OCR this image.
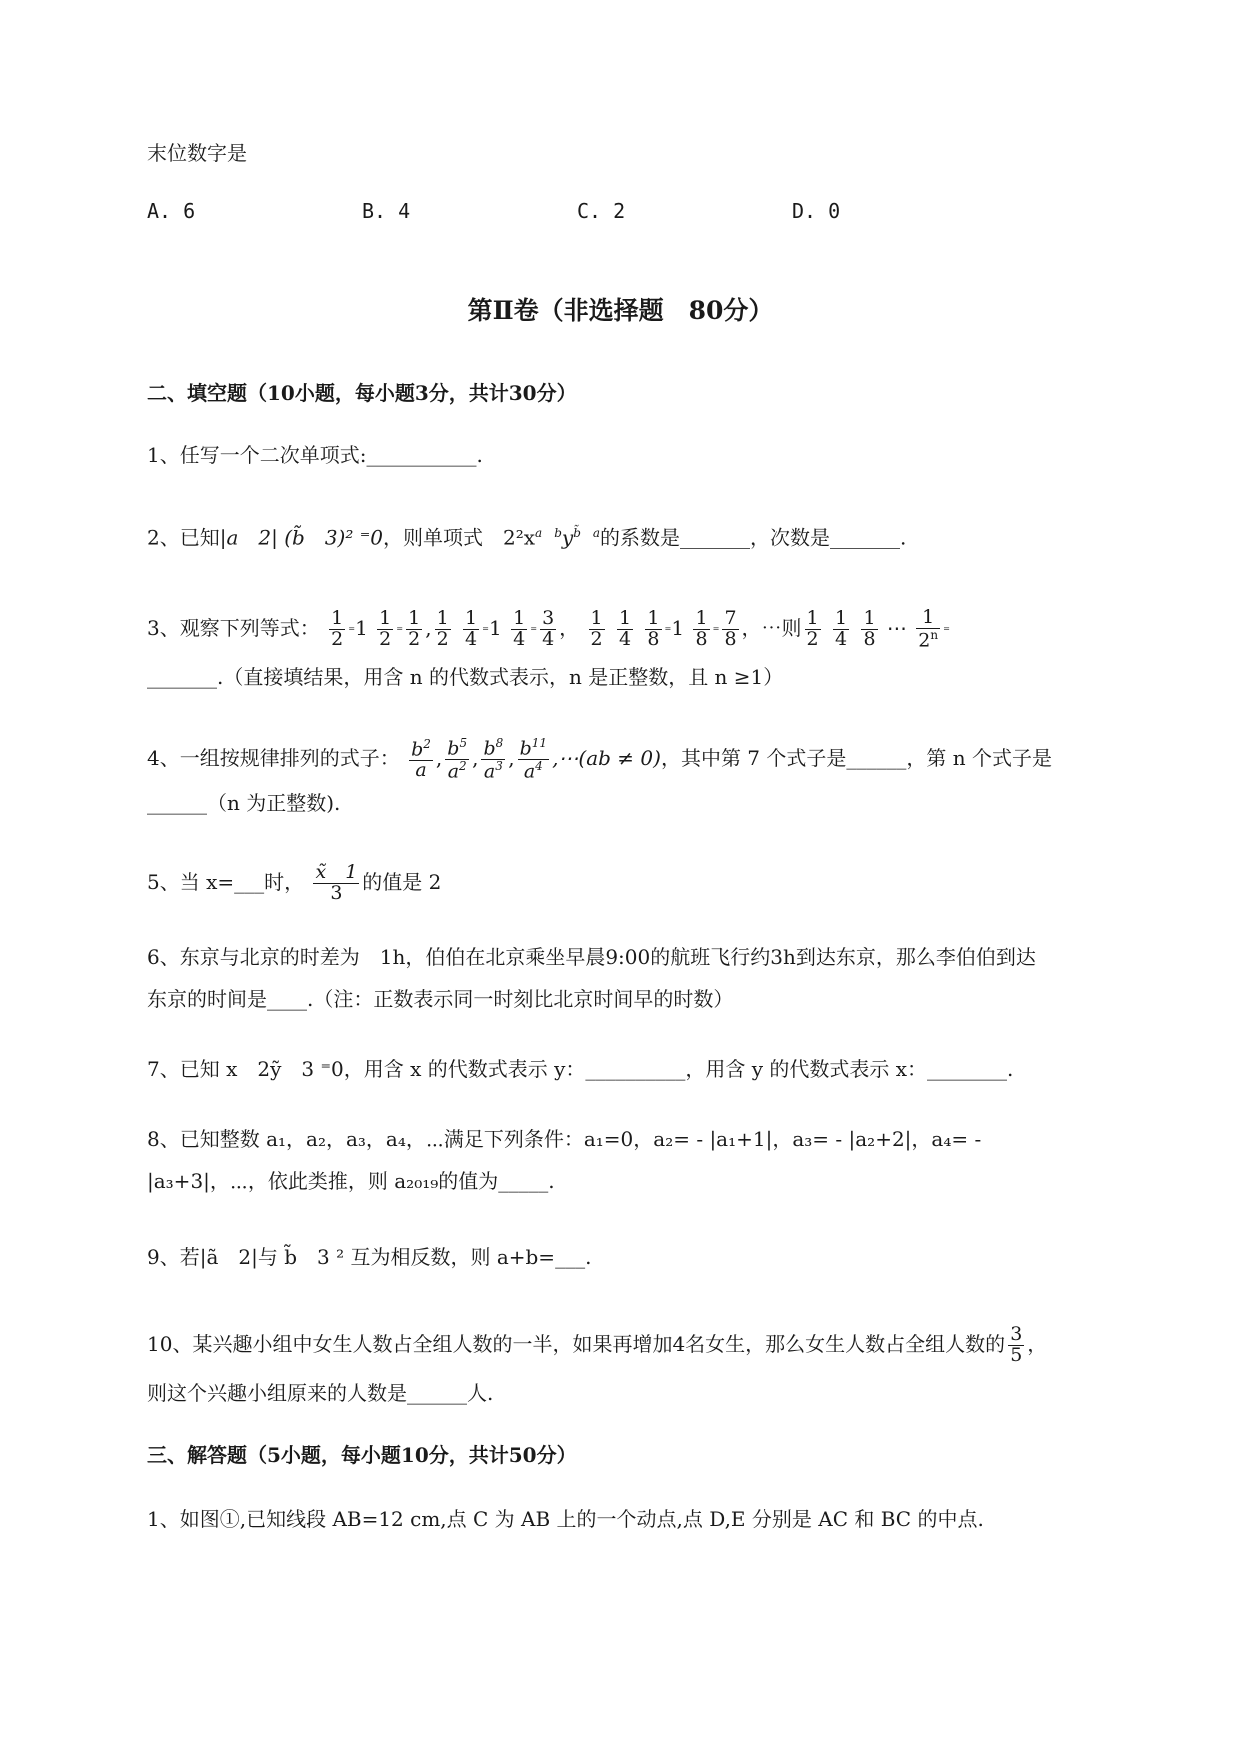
末位数字是
A. 6	B. 4	C. 2	D. 0
第Ⅱ卷（非选择题　80分）
二、填空题（10小题，每小题3分，共计30分）
1、任写一个二次单项式:___________.
2、已知|a　2| (b̃　3)² ⁼0，则单项式　$2^2x^{a b}y^{b̃ a}$的系数是_______，次数是_______.
3、观察下列等式： $\frac{1}{2} ^=1 \frac{1}{2}$ ⁼ $\frac{1}{2}$ , $\frac{1}{2}$
$\frac{1}{4} ^=1 \frac{1}{4}$ ⁼ $\frac{3}{4}$ ， $\frac{1}{2}$
$\frac{1}{4}$
$\frac{1}{8} ^=1 \frac{1}{8}$ ⁼ $\frac{7}{8}$ ，⋯则 $\frac{1}{2}$
$\frac{1}{4}$
$\frac{1}{8}$ ⋯ $\frac{1}{2^n}$ ⁼
_______.（直接填结果，用含 n 的代数式表示，n 是正整数，且 n ≥1）
4、一组按规律排列的式子： $\frac{b^2}{a}$ , $\frac{b^5}{a^2}$ , $\frac{b^8}{a^3}$ , $\frac{b^{11}}{a^4}$ ,⋯(ab ≠ 0)，其中第 7 个式子是______，第 n 个式子是
______（n 为正整数).
5、当 x=___时， $\frac{x̃ 1}{3}$ 的值是 2
6、东京与北京的时差为　1h，伯伯在北京乘坐早晨9:00的航班飞行约3h到达东京，那么李伯伯到达
东京的时间是____.（注：正数表示同一时刻比北京时间早的时数）
7、已知 x　2ỹ　3 ⁼0，用含 x 的代数式表示 y：__________，用含 y 的代数式表示 x：________.
8、已知整数 a₁，a₂，a₃，a₄，⋯满足下列条件：a₁=0，a₂= - |a₁+1|，a₃= - |a₂+2|，a₄= -
|a₃+3|，⋯，依此类推，则 a₂₀₁₉的值为_____.
9、若|ã　2|与 b̃　3 ² 互为相反数，则 a+b=___.
10、某兴趣小组中女生人数占全组人数的一半，如果再增加4名女生，那么女生人数占全组人数的 $\frac{3}{5}$ ，
则这个兴趣小组原来的人数是______人.
三、解答题（5小题，每小题10分，共计50分）
1、如图①,已知线段 AB=12 cm,点 C 为 AB 上的一个动点,点 D,E 分别是 AC 和 BC 的中点.
